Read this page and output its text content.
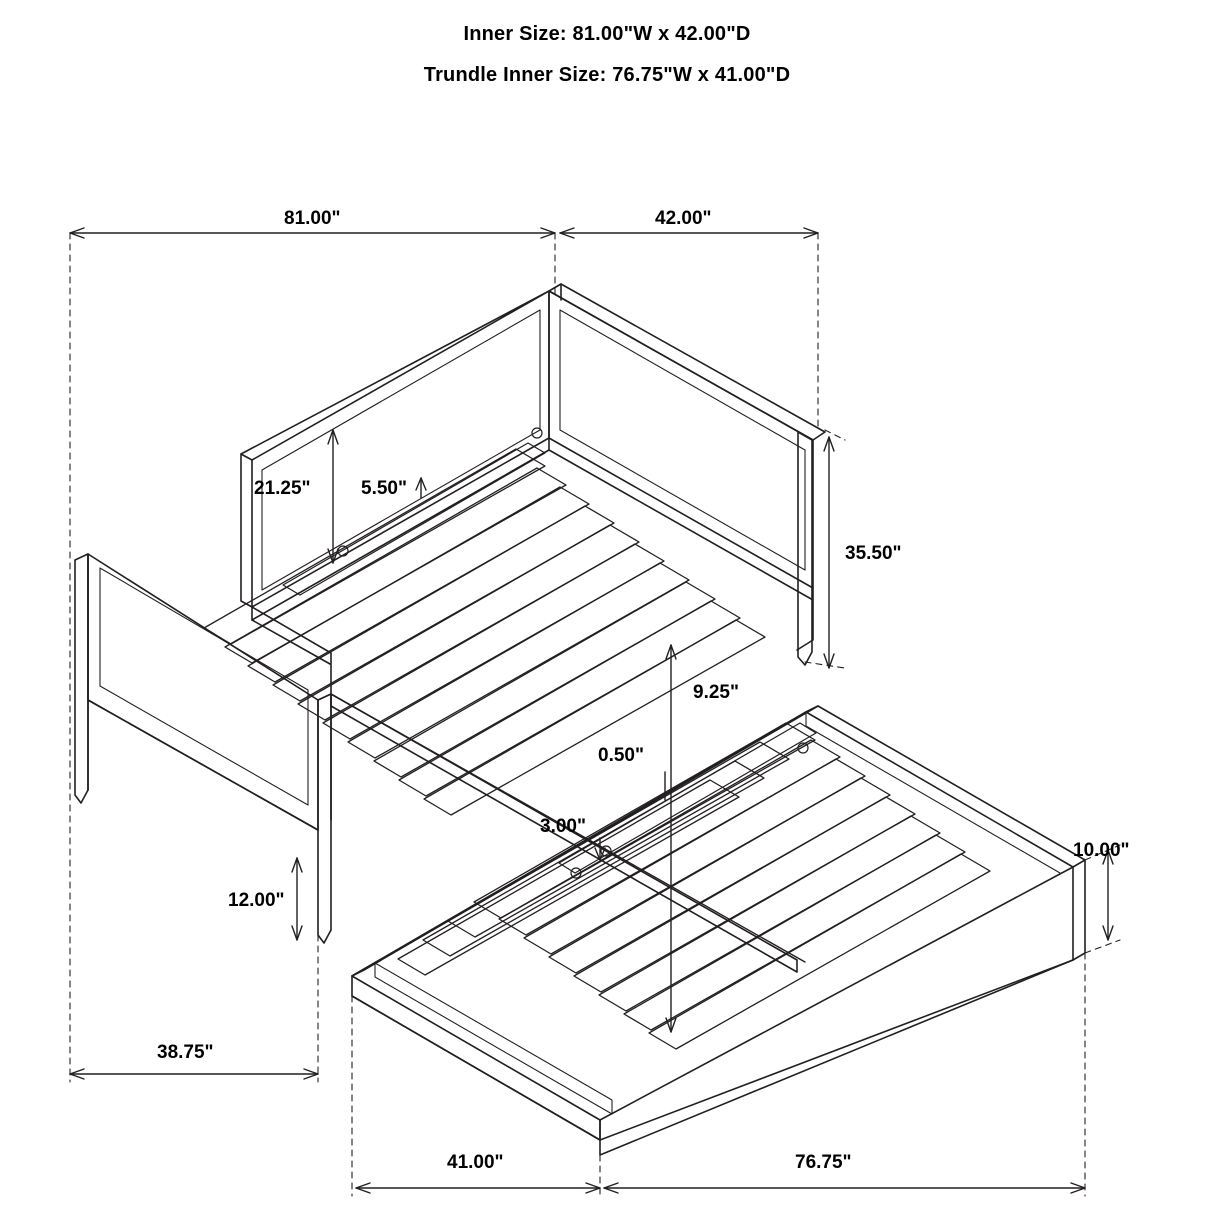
Inner Size: 81.00"W x 42.00"D
Trundle Inner Size: 76.75"W x 41.00"D
81.00"	42.00"
21.25"	5.50"
35.50"
9.25"
0.50"
3.00"
12.00"
38.75"
10.00"
41.00"	76.75"
